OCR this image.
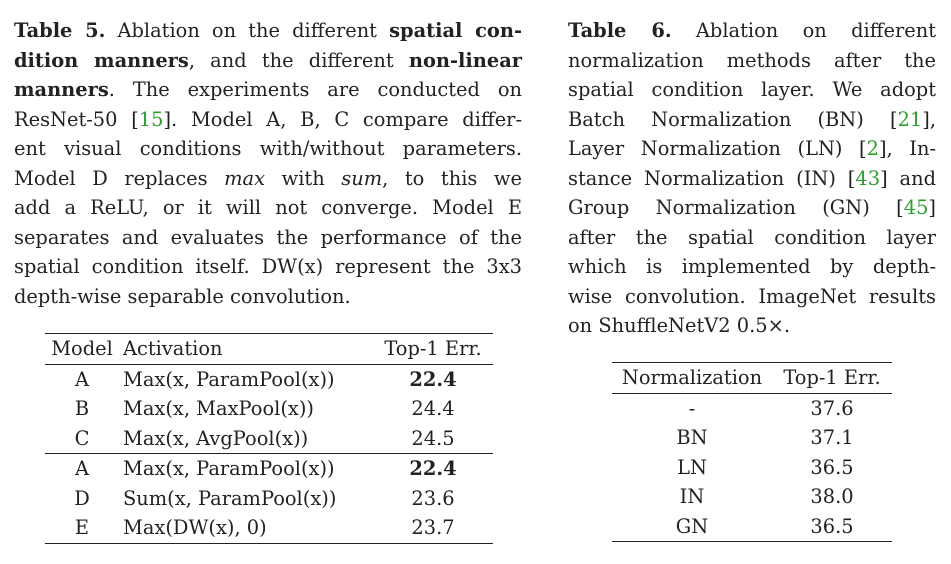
Table 5. Ablation on the different spatial con-
dition manners, and the different non-linear
manners. The experiments are conducted on
ResNet-50 [15]. Model A, B, C compare differ-
ent visual conditions with/without parameters.
Model D replaces max with sum, to this we
add a ReLU, or it will not converge. Model E
separates and evaluates the performance of the
spatial condition itself. DW(x) represent the 3x3
depth-wise separable convolution.
Table 6. Ablation on different
normalization methods after the
spatial condition layer. We adopt
Batch Normalization (BN) [21],
Layer Normalization (LN) [2], In-
stance Normalization (IN) [43] and
Group Normalization (GN) [45]
after the spatial condition layer
which is implemented by depth-
wise convolution. ImageNet results
on ShuffleNetV2 0.5×.
Model	Activation	Top-1 Err.
A	Max(x, ParamPool(x))	22.4
B	Max(x, MaxPool(x))	24.4
C	Max(x, AvgPool(x))	24.5
A	Max(x, ParamPool(x))	22.4
D	Sum(x, ParamPool(x))	23.6
E	Max(DW(x), 0)	23.7
Normalization	Top-1 Err.
-	37.6
BN	37.1
LN	36.5
IN	38.0
GN	36.5
